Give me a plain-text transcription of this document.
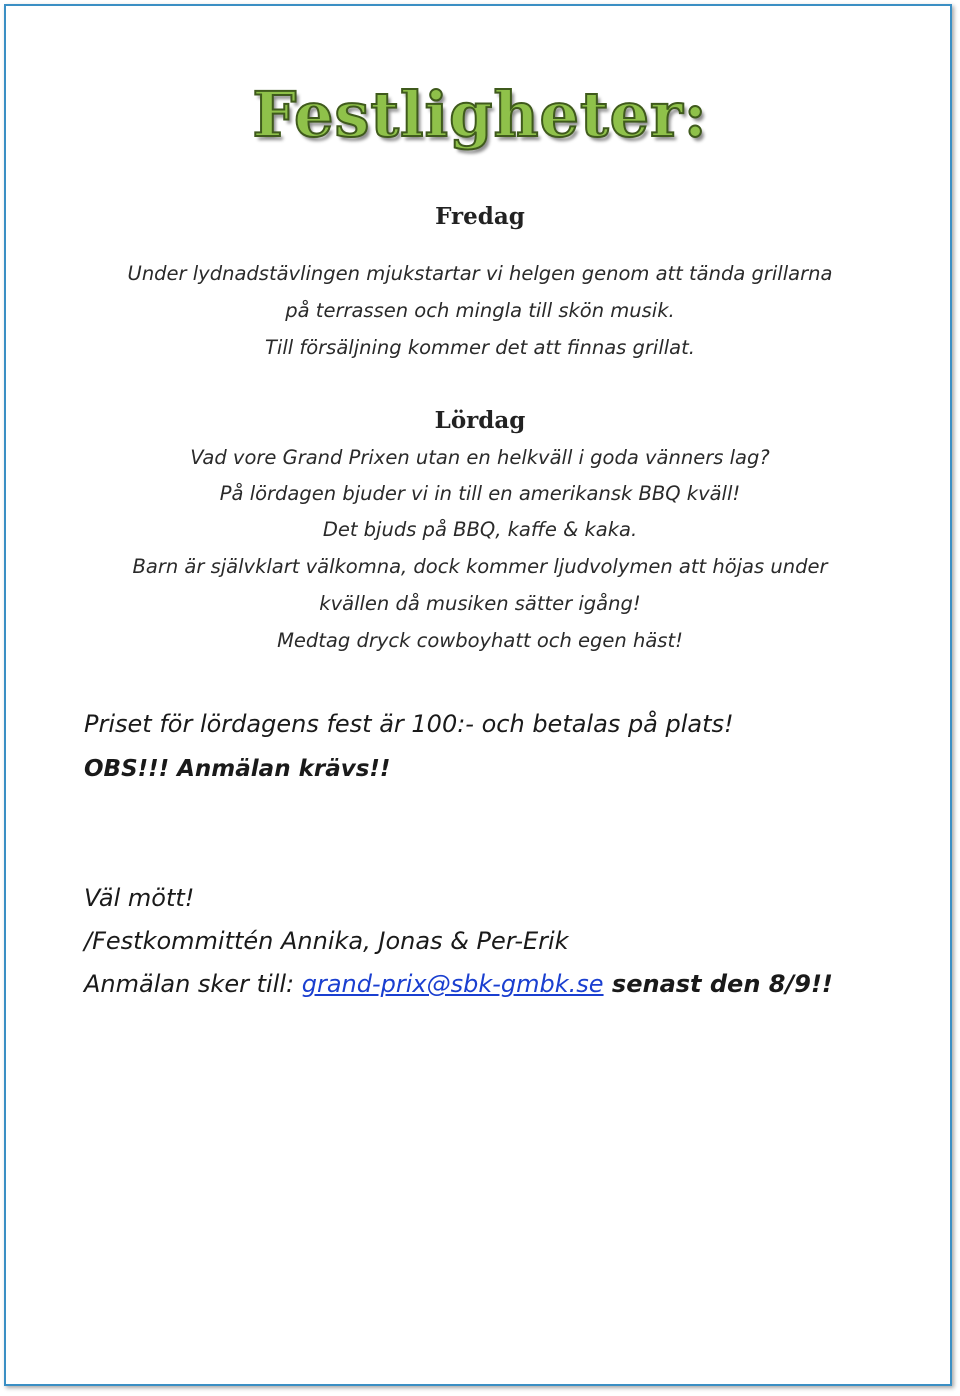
Festligheter:
Fredag
Under lydnadstävlingen mjukstartar vi helgen genom att tända grillarna
på terrassen och mingla till skön musik.
Till försäljning kommer det att finnas grillat.
Lördag
Vad vore Grand Prixen utan en helkväll i goda vänners lag?
På lördagen bjuder vi in till en amerikansk BBQ kväll!
Det bjuds på BBQ, kaffe & kaka.
Barn är självklart välkomna, dock kommer ljudvolymen att höjas under
kvällen då musiken sätter igång!
Medtag dryck cowboyhatt och egen häst!
Priset för lördagens fest är 100:- och betalas på plats!
OBS!!! Anmälan krävs!!
Väl mött!
/Festkommittén Annika, Jonas & Per-Erik
Anmälan sker till: grand-prix@sbk-gmbk.se senast den 8/9!!
